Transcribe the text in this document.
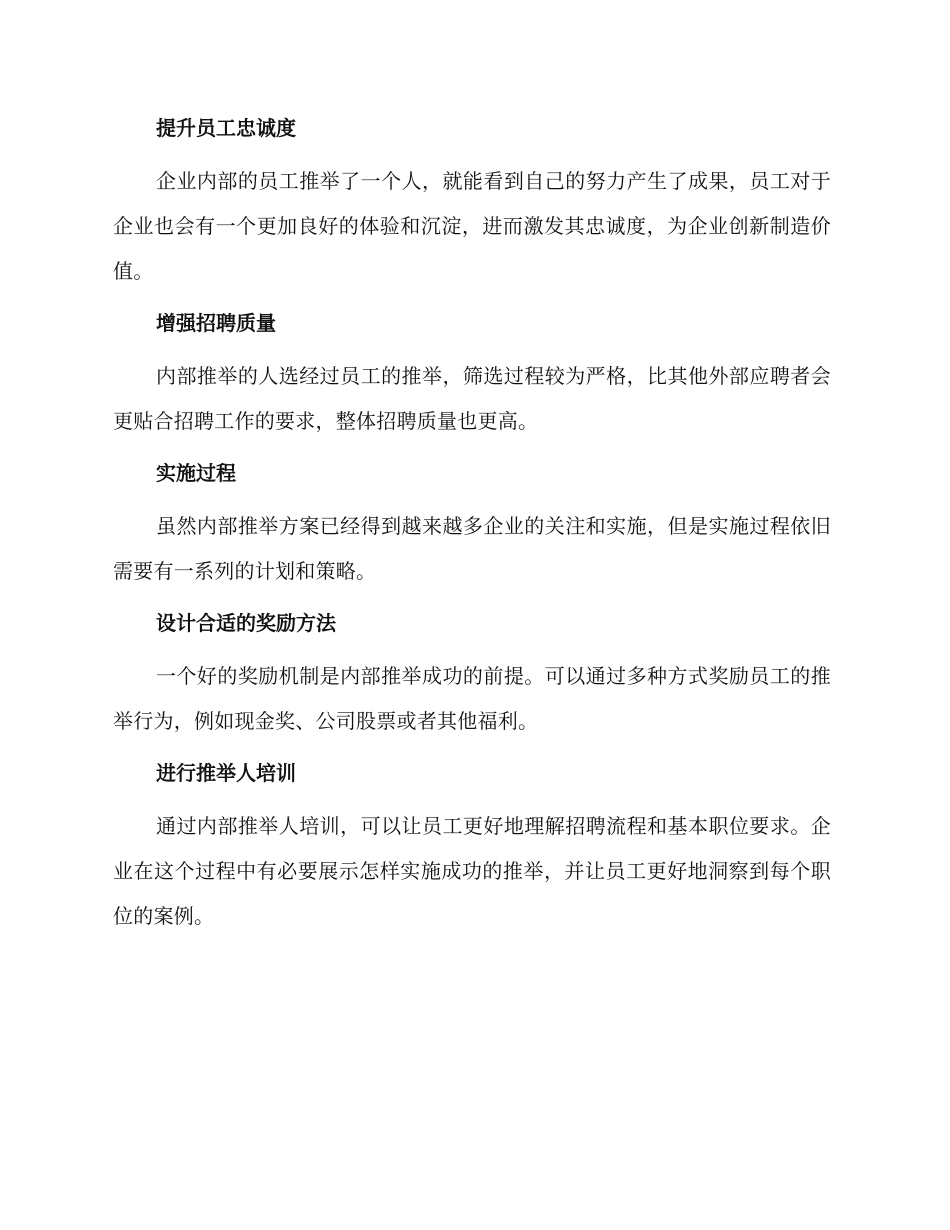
提升员工忠诚度

企业内部的员工推举了一个人，就能看到自己的努力产生了成果，员工对于企业也会有一个更加良好的体验和沉淀，进而激发其忠诚度，为企业创新制造价值。

增强招聘质量

内部推举的人选经过员工的推举，筛选过程较为严格，比其他外部应聘者会更贴合招聘工作的要求，整体招聘质量也更高。

实施过程

虽然内部推举方案已经得到越来越多企业的关注和实施，但是实施过程依旧需要有一系列的计划和策略。

设计合适的奖励方法

一个好的奖励机制是内部推举成功的前提。可以通过多种方式奖励员工的推举行为，例如现金奖、公司股票或者其他福利。

进行推举人培训

通过内部推举人培训，可以让员工更好地理解招聘流程和基本职位要求。企业在这个过程中有必要展示怎样实施成功的推举，并让员工更好地洞察到每个职位的案例。
